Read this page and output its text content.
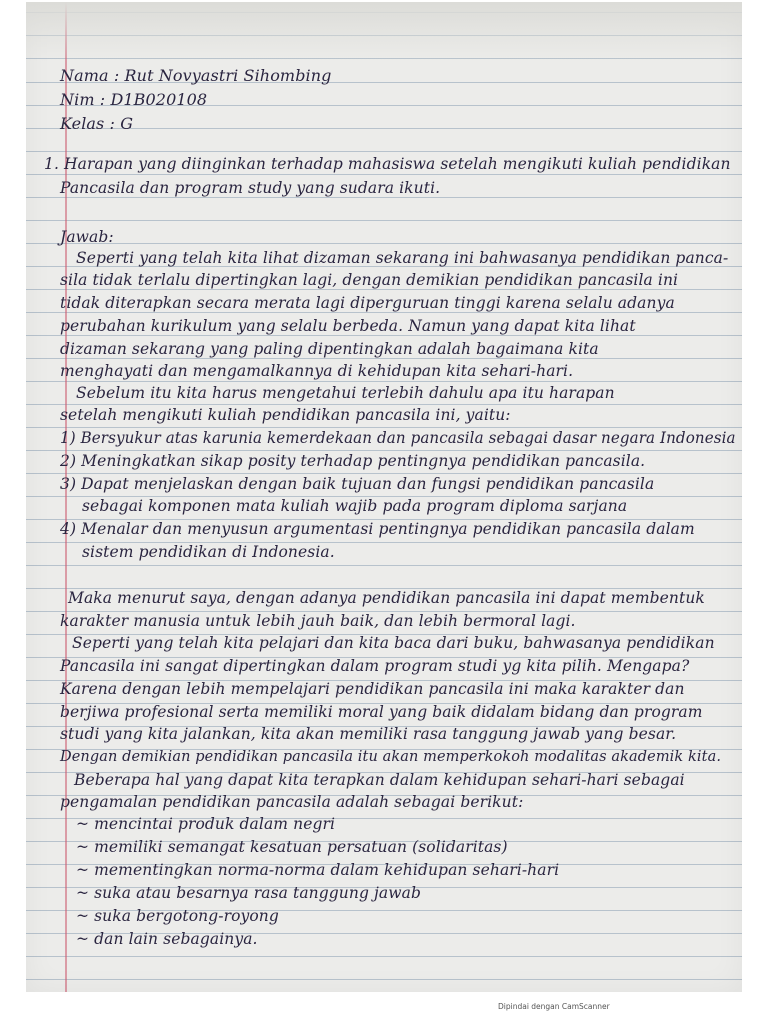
Nama : Rut Novyastri Sihombing

Nim : D1B020108

Kelas : G

1. Harapan yang diinginkan terhadap mahasiswa setelah mengikuti kuliah pendidikan

Pancasila dan program study yang sudara ikuti.

Jawab:

Seperti yang telah kita lihat dizaman sekarang ini bahwasanya pendidikan panca-

sila tidak terlalu dipertingkan lagi, dengan demikian pendidikan pancasila ini

tidak diterapkan secara merata lagi diperguruan tinggi karena selalu adanya

perubahan kurikulum yang selalu berbeda. Namun yang dapat kita lihat

dizaman sekarang yang paling dipentingkan adalah bagaimana kita

menghayati dan mengamalkannya di kehidupan kita sehari-hari.

Sebelum itu kita harus mengetahui terlebih dahulu apa itu harapan

setelah mengikuti kuliah pendidikan pancasila ini, yaitu:

1) Bersyukur atas karunia kemerdekaan dan pancasila sebagai dasar negara Indonesia

2) Meningkatkan sikap posity terhadap pentingnya pendidikan pancasila.

3) Dapat menjelaskan dengan baik tujuan dan fungsi pendidikan pancasila

sebagai komponen mata kuliah wajib pada program diploma sarjana

4) Menalar dan menyusun argumentasi pentingnya pendidikan pancasila dalam

sistem pendidikan di Indonesia.

Maka menurut saya, dengan adanya pendidikan pancasila ini dapat membentuk

karakter manusia untuk lebih jauh baik, dan lebih bermoral lagi.

Seperti yang telah kita pelajari dan kita baca dari buku, bahwasanya pendidikan

Pancasila ini sangat dipertingkan dalam program studi yg kita pilih. Mengapa?

Karena dengan lebih mempelajari pendidikan pancasila ini maka karakter dan

berjiwa profesional serta memiliki moral yang baik didalam bidang dan program

studi yang kita jalankan, kita akan memiliki rasa tanggung jawab yang besar.

Dengan demikian pendidikan pancasila itu akan memperkokoh modalitas akademik kita.

Beberapa hal yang dapat kita terapkan dalam kehidupan sehari-hari sebagai

pengamalan pendidikan pancasila adalah sebagai berikut:

~ mencintai produk dalam negri

~ memiliki semangat kesatuan persatuan (solidaritas)

~ mementingkan norma-norma dalam kehidupan sehari-hari

~ suka atau besarnya rasa tanggung jawab

~ suka bergotong-royong

~ dan lain sebagainya.

Dipindai dengan CamScanner
